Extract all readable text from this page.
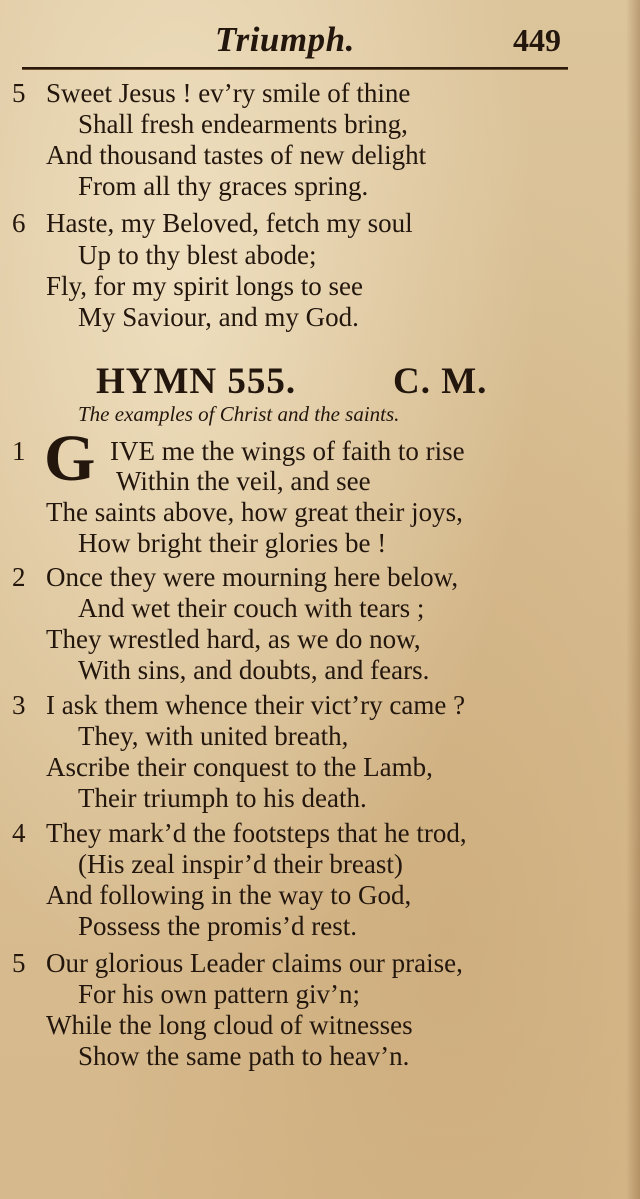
Triumph.	449
5 Sweet Jesus ! ev’ry smile of thine
Shall fresh endearments bring,
And thousand tastes of new delight
From all thy graces spring.
6 Haste, my Beloved, fetch my soul
Up to thy blest abode;
Fly, for my spirit longs to see
My Saviour, and my God.
HYMN 555.	C. M.
The examples of Christ and the saints.
1 G IVE me the wings of faith to rise
Within the veil, and see
The saints above, how great their joys,
How bright their glories be !
2 Once they were mourning here below,
And wet their couch with tears ;
They wrestled hard, as we do now,
With sins, and doubts, and fears.
3 I ask them whence their vict’ry came ?
They, with united breath,
Ascribe their conquest to the Lamb,
Their triumph to his death.
4 They mark’d the footsteps that he trod,
(His zeal inspir’d their breast)
And following in the way to God,
Possess the promis’d rest.
5 Our glorious Leader claims our praise,
For his own pattern giv’n;
While the long cloud of witnesses
Show the same path to heav’n.
